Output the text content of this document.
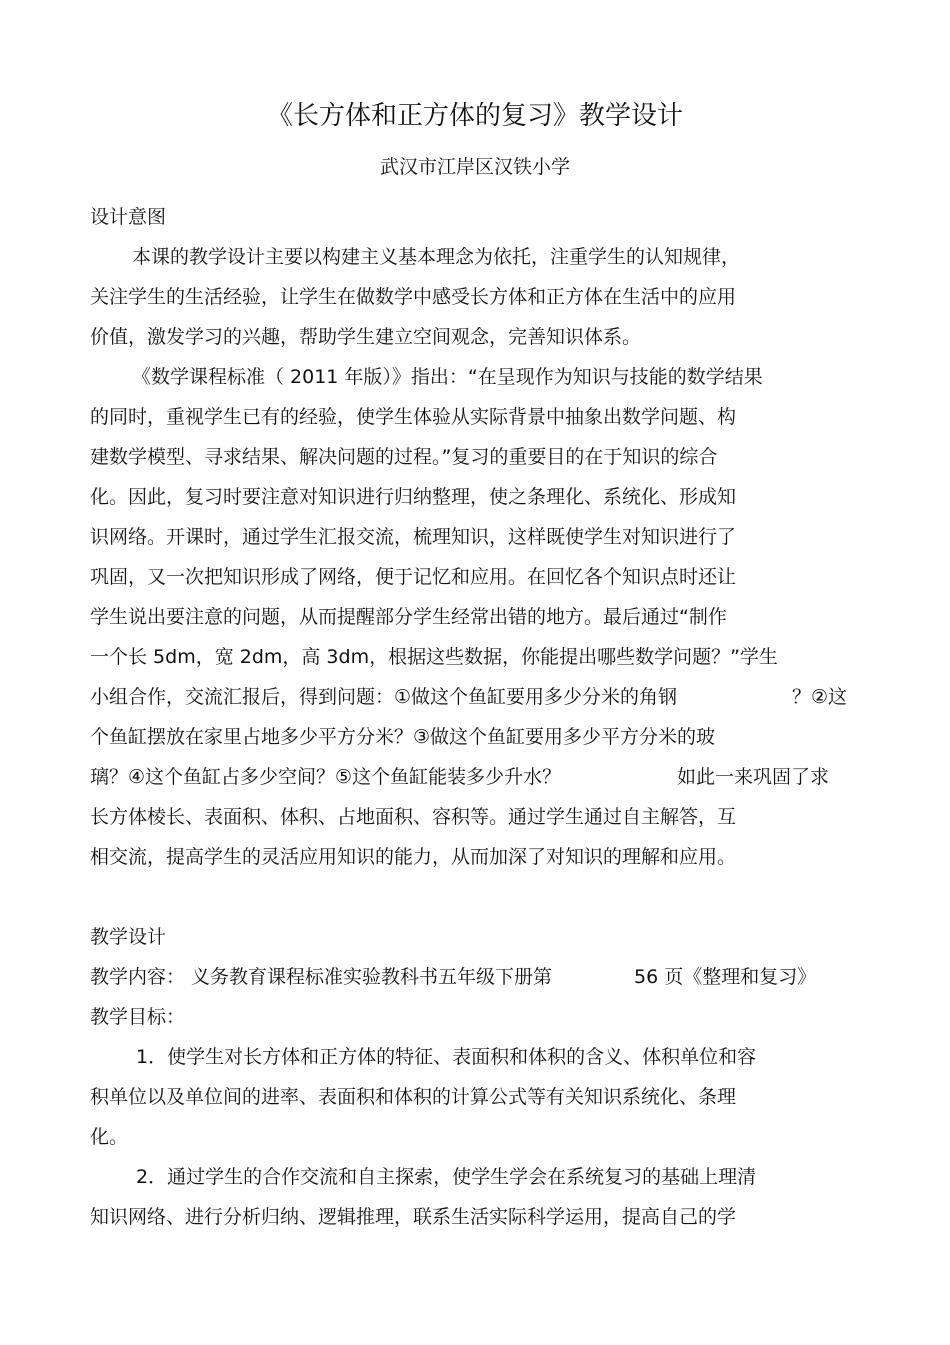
《长方体和正方体的复习》教学设计
武汉市江岸区汉铁小学
设计意图
本课的教学设计主要以构建主义基本理念为依托，注重学生的认知规律，
关注学生的生活经验，让学生在做数学中感受长方体和正方体在生活中的应用
价值，激发学习的兴趣，帮助学生建立空间观念，完善知识体系。
《数学课程标准（ 2011 年版）》指出：“在呈现作为知识与技能的数学结果
的同时，重视学生已有的经验，使学生体验从实际背景中抽象出数学问题、构
建数学模型、寻求结果、解决问题的过程。”复习的重要目的在于知识的综合
化。因此，复习时要注意对知识进行归纳整理，使之条理化、系统化、形成知
识网络。开课时，通过学生汇报交流，梳理知识，这样既使学生对知识进行了
巩固，又一次把知识形成了网络，便于记忆和应用。在回忆各个知识点时还让
学生说出要注意的问题，从而提醒部分学生经常出错的地方。最后通过“制作
一个长 5dm，宽 2dm，高 3dm，根据这些数据，你能提出哪些数学问题？”学生
小组合作，交流汇报后，得到问题：①做这个鱼缸要用多少分米的角钢	？②这
个鱼缸摆放在家里占地多少平方分米？③做这个鱼缸要用多少平方分米的玻
璃？④这个鱼缸占多少空间？⑤这个鱼缸能装多少升水？	如此一来巩固了求
长方体棱长、表面积、体积、占地面积、容积等。通过学生通过自主解答，互
相交流，提高学生的灵活应用知识的能力，从而加深了对知识的理解和应用。
教学设计
教学内容： 义务教育课程标准实验教科书五年级下册第	56 页《整理和复习》
教学目标：
1．使学生对长方体和正方体的特征、表面积和体积的含义、体积单位和容
积单位以及单位间的进率、表面积和体积的计算公式等有关知识系统化、条理
化。
2．通过学生的合作交流和自主探索，使学生学会在系统复习的基础上理清
知识网络、进行分析归纳、逻辑推理，联系生活实际科学运用，提高自己的学
